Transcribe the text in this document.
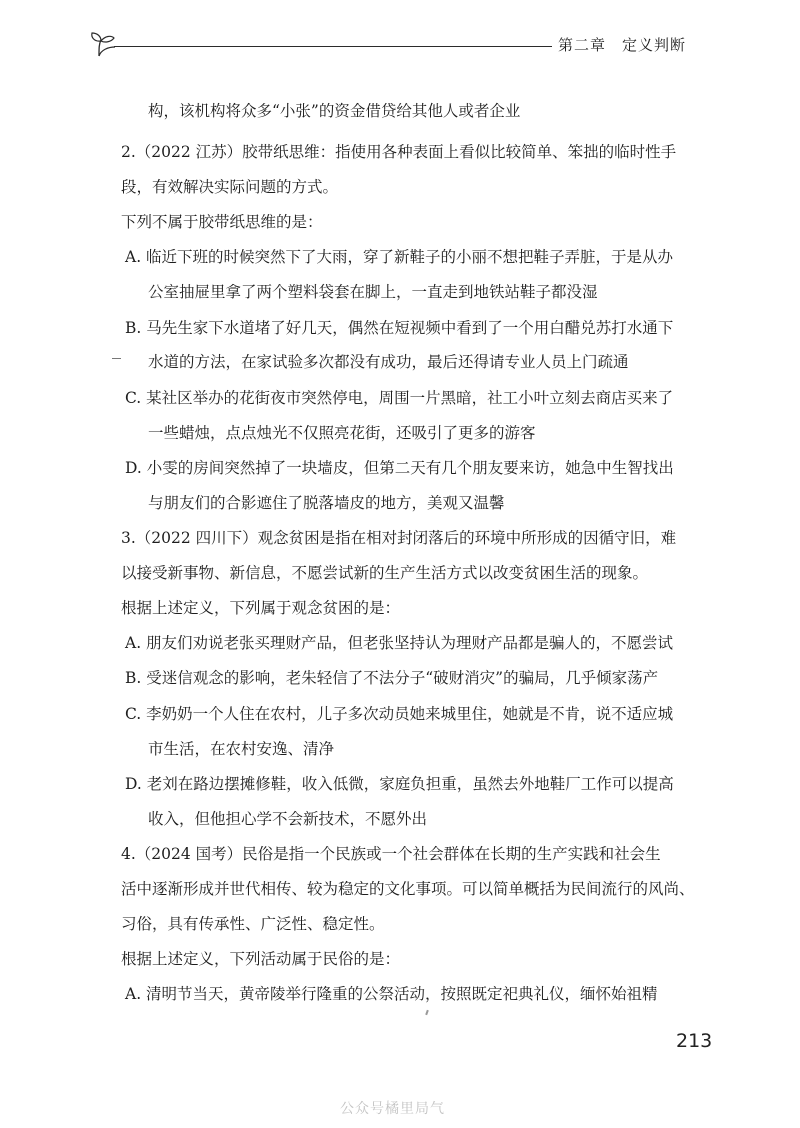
第二章 定义判断
构，该机构将众多“小张”的资金借贷给其他人或者企业
2.（2022 江苏）胶带纸思维：指使用各种表面上看似比较简单、笨拙的临时性手
段，有效解决实际问题的方式。
下列不属于胶带纸思维的是：
A. 临近下班的时候突然下了大雨，穿了新鞋子的小丽不想把鞋子弄脏，于是从办
公室抽屉里拿了两个塑料袋套在脚上，一直走到地铁站鞋子都没湿
B. 马先生家下水道堵了好几天，偶然在短视频中看到了一个用白醋兑苏打水通下
水道的方法，在家试验多次都没有成功，最后还得请专业人员上门疏通
C. 某社区举办的花街夜市突然停电，周围一片黑暗，社工小叶立刻去商店买来了
一些蜡烛，点点烛光不仅照亮花街，还吸引了更多的游客
D. 小雯的房间突然掉了一块墙皮，但第二天有几个朋友要来访，她急中生智找出
与朋友们的合影遮住了脱落墙皮的地方，美观又温馨
3.（2022 四川下）观念贫困是指在相对封闭落后的环境中所形成的因循守旧，难
以接受新事物、新信息，不愿尝试新的生产生活方式以改变贫困生活的现象。
根据上述定义，下列属于观念贫困的是：
A. 朋友们劝说老张买理财产品，但老张坚持认为理财产品都是骗人的，不愿尝试
B. 受迷信观念的影响，老朱轻信了不法分子“破财消灾”的骗局，几乎倾家荡产
C. 李奶奶一个人住在农村，儿子多次动员她来城里住，她就是不肯，说不适应城
市生活，在农村安逸、清净
D. 老刘在路边摆摊修鞋，收入低微，家庭负担重，虽然去外地鞋厂工作可以提高
收入，但他担心学不会新技术，不愿外出
4.（2024 国考）民俗是指一个民族或一个社会群体在长期的生产实践和社会生
活中逐渐形成并世代相传、较为稳定的文化事项。可以简单概括为民间流行的风尚、
习俗，具有传承性、广泛性、稳定性。
根据上述定义，下列活动属于民俗的是：
A. 清明节当天，黄帝陵举行隆重的公祭活动，按照既定祀典礼仪，缅怀始祖精
213
公众号橘里局气
